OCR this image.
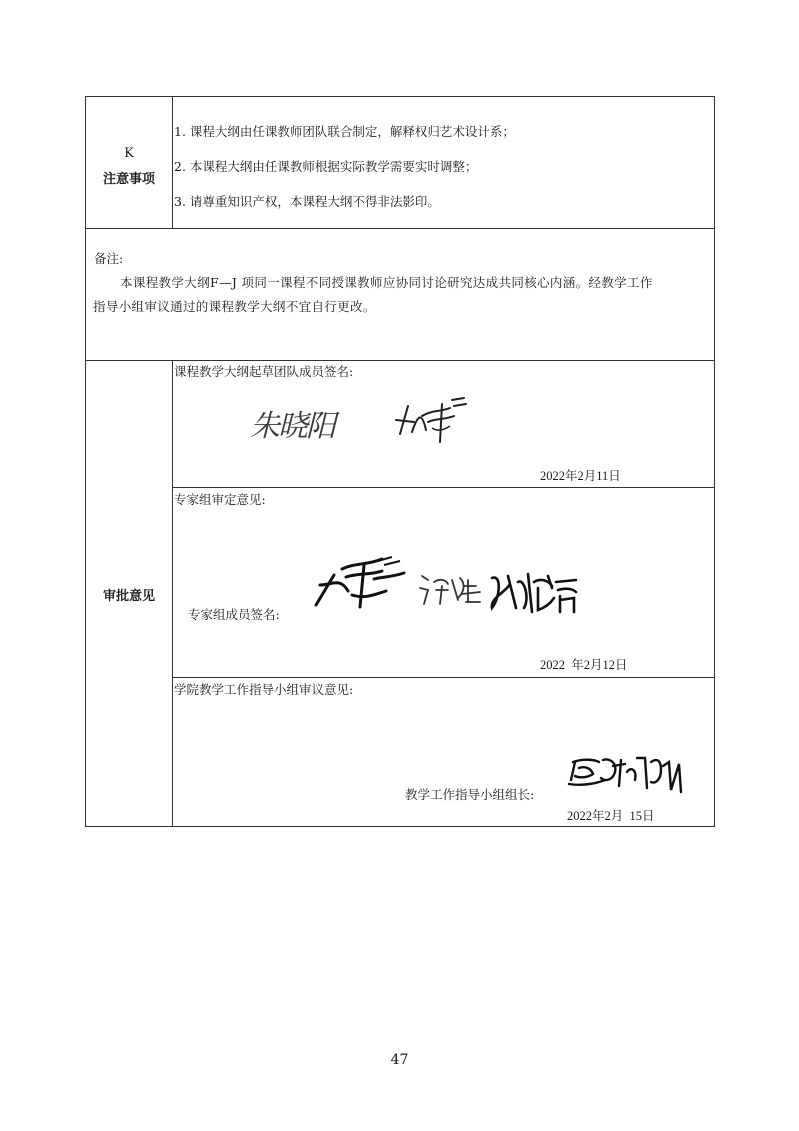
K
注意事项
1. 课程大纲由任课教师团队联合制定，解释权归艺术设计系；
2. 本课程大纲由任课教师根据实际教学需要实时调整；
3. 请尊重知识产权，本课程大纲不得非法影印。
备注:
本课程教学大纲F—J 项同一课程不同授课教师应协同讨论研究达成共同核心内涵。经教学工作
指导小组审议通过的课程教学大纲不宜自行更改。
审批意见
课程教学大纲起草团队成员签名:
2022年2月11日
朱晓阳
专家组审定意见:
专家组成员签名:
2022  年2月12日
学院教学工作指导小组审议意见:
教学工作指导小组组长:
2022年2月  15日
47
